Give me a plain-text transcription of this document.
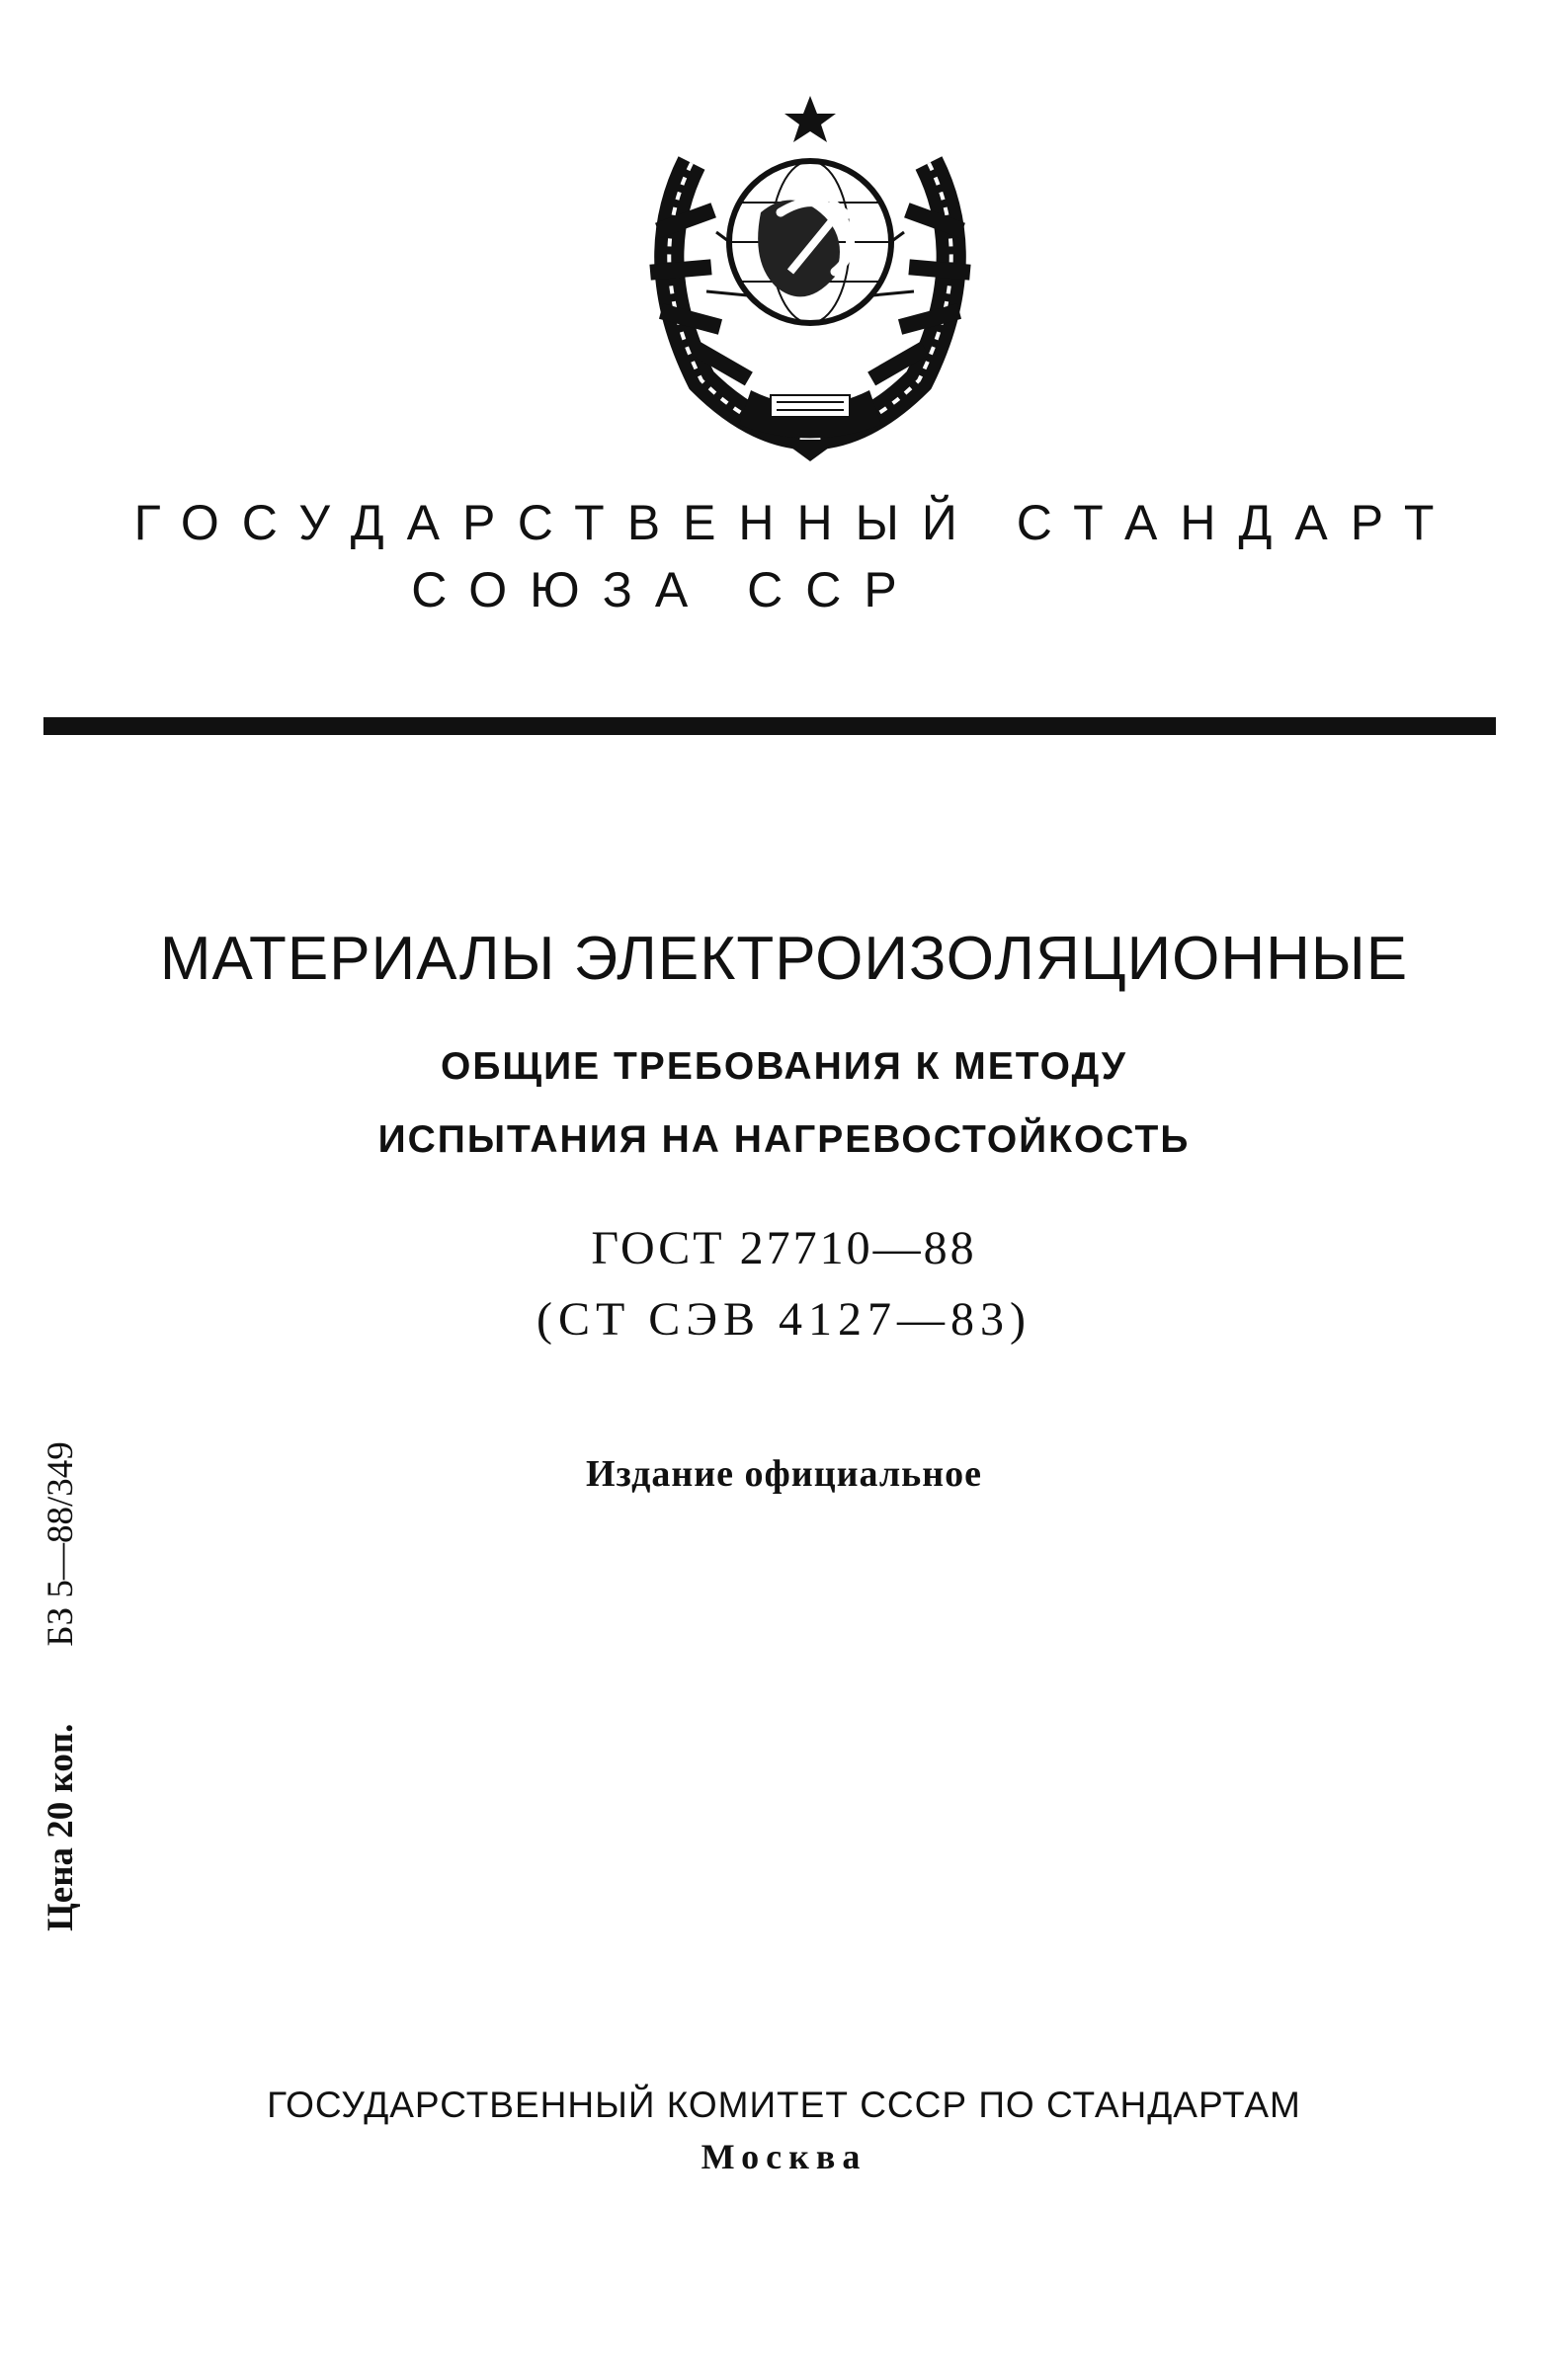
ГОСУДАРСТВЕННЫЙ СТАНДАРТ
СОЮЗА ССР
МАТЕРИАЛЫ ЭЛЕКТРОИЗОЛЯЦИОННЫЕ
ОБЩИЕ ТРЕБОВАНИЯ К МЕТОДУ
ИСПЫТАНИЯ НА НАГРЕВОСТОЙКОСТЬ
ГОСТ 27710—88
(СТ СЭВ 4127—83)
Издание официальное
Цена 20 коп.БЗ 5—88/349
ГОСУДАРСТВЕННЫЙ КОМИТЕТ СССР ПО СТАНДАРТАМ
Москва
